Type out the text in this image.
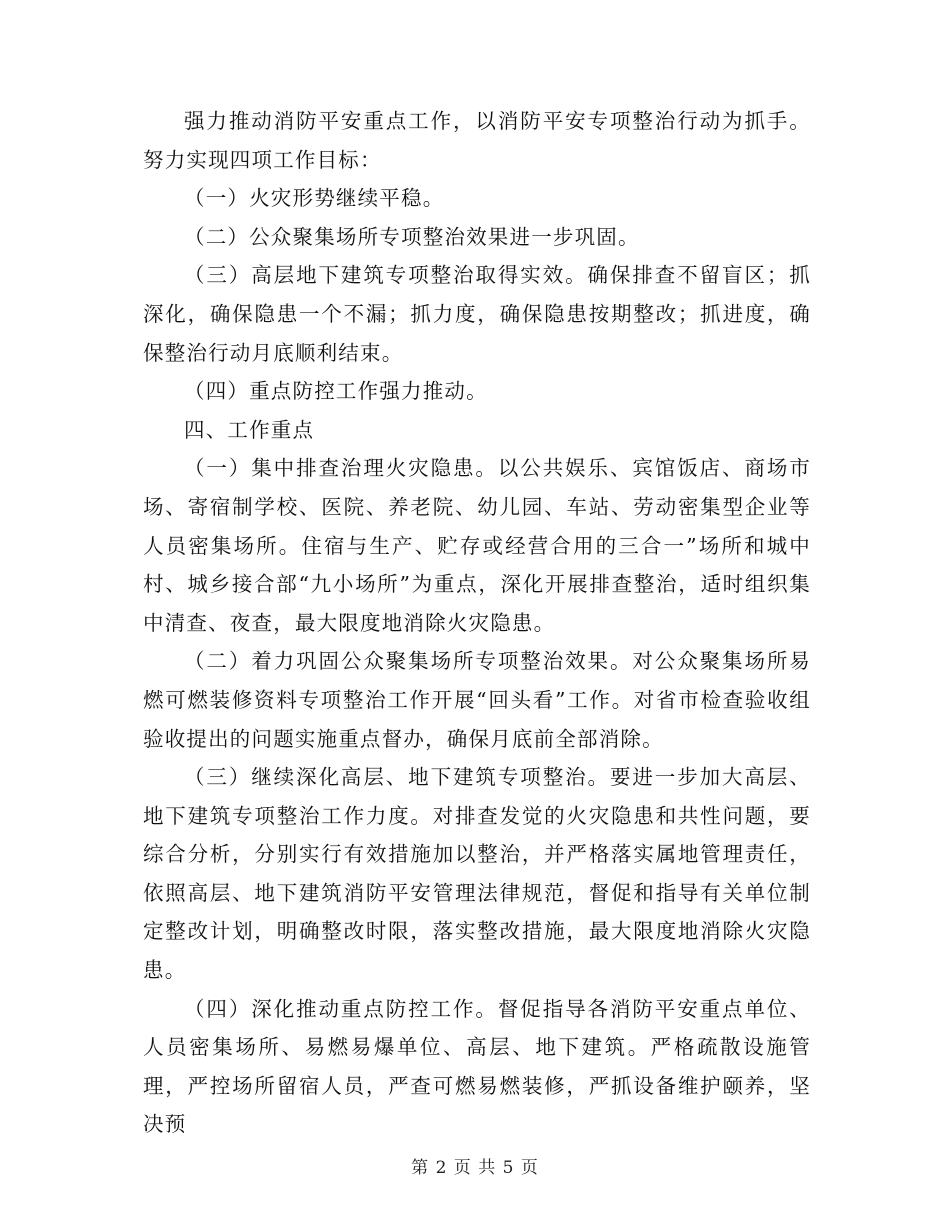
强力推动消防平安重点工作，以消防平安专项整治行动为抓手。努力实现四项工作目标：

（一）火灾形势继续平稳。

（二）公众聚集场所专项整治效果进一步巩固。

（三）高层地下建筑专项整治取得实效。确保排查不留盲区；抓深化，确保隐患一个不漏；抓力度，确保隐患按期整改；抓进度，确保整治行动月底顺利结束。

（四）重点防控工作强力推动。

四、工作重点

（一）集中排查治理火灾隐患。以公共娱乐、宾馆饭店、商场市场、寄宿制学校、医院、养老院、幼儿园、车站、劳动密集型企业等人员密集场所。住宿与生产、贮存或经营合用的三合一”场所和城中村、城乡接合部“九小场所”为重点，深化开展排查整治，适时组织集中清查、夜查，最大限度地消除火灾隐患。

（二）着力巩固公众聚集场所专项整治效果。对公众聚集场所易燃可燃装修资料专项整治工作开展“回头看”工作。对省市检查验收组验收提出的问题实施重点督办，确保月底前全部消除。

（三）继续深化高层、地下建筑专项整治。要进一步加大高层、地下建筑专项整治工作力度。对排查发觉的火灾隐患和共性问题，要综合分析，分别实行有效措施加以整治，并严格落实属地管理责任，依照高层、地下建筑消防平安管理法律规范，督促和指导有关单位制定整改计划，明确整改时限，落实整改措施，最大限度地消除火灾隐患。

（四）深化推动重点防控工作。督促指导各消防平安重点单位、人员密集场所、易燃易爆单位、高层、地下建筑。严格疏散设施管理，严控场所留宿人员，严查可燃易燃装修，严抓设备维护颐养，坚决预

第 2 页 共 5 页
